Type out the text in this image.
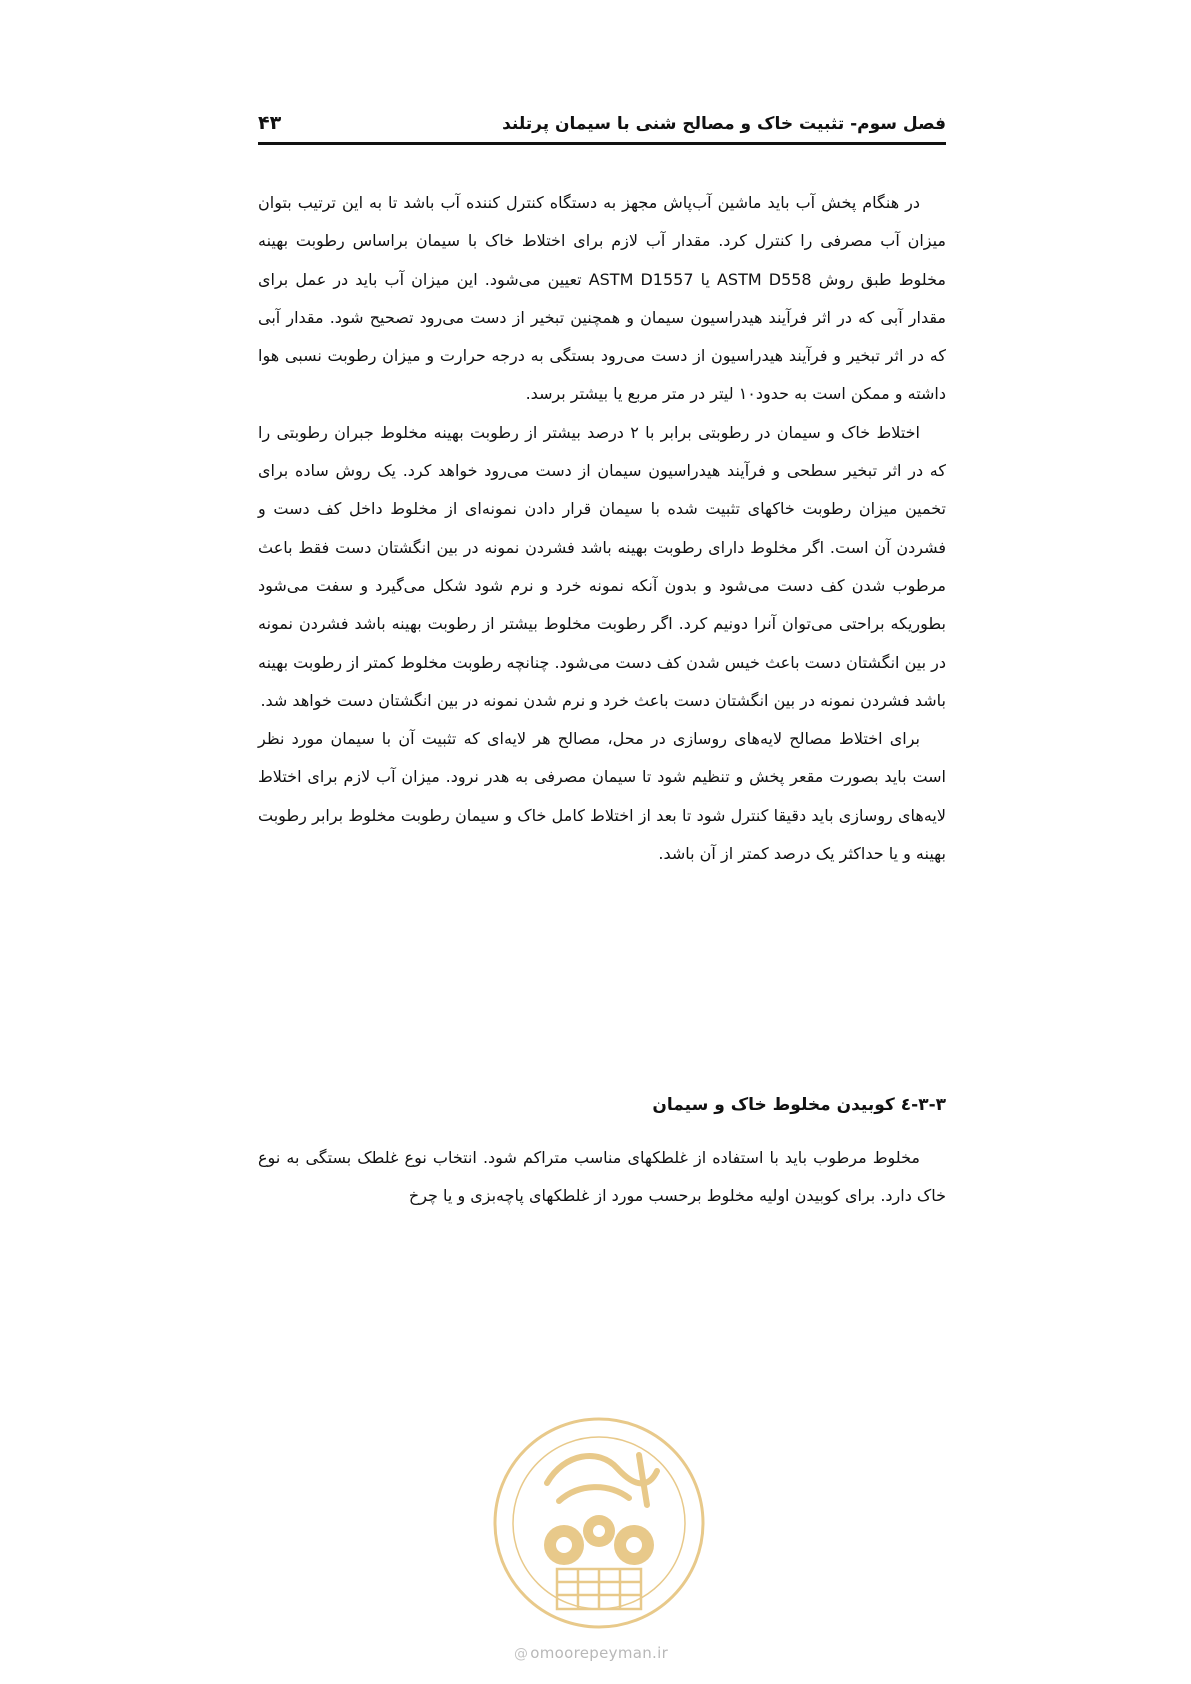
فصل سوم- تثبیت خاک و مصالح شنی با سیمان پرتلند
۴۳

در هنگام پخش آب باید ماشین آب‌پاش مجهز به دستگاه کنترل کننده آب باشد تا به این ترتیب بتوان میزان آب مصرفی را کنترل کرد. مقدار آب لازم برای اختلاط خاک با سیمان براساس رطوبت بهینه مخلوط طبق روش ASTM D558 یا ASTM D1557 تعیین می‌شود. این میزان آب باید در عمل برای مقدار آبی که در اثر فرآیند هیدراسیون سیمان و همچنین تبخیر از دست می‌رود تصحیح شود. مقدار آبی که در اثر تبخیر و فرآیند هیدراسیون از دست می‌رود بستگی به درجه حرارت و میزان رطوبت نسبی هوا داشته و ممکن است به حدود۱۰ لیتر در متر مربع یا بیشتر برسد.

اختلاط خاک و سیمان در رطوبتی برابر با ۲ درصد بیشتر از رطوبت بهینه مخلوط جبران رطوبتی را که در اثر تبخیر سطحی و فرآیند هیدراسیون سیمان از دست می‌رود خواهد کرد. یک روش ساده برای تخمین میزان رطوبت خاکهای تثبیت شده با سیمان قرار دادن نمونه‌ای از مخلوط داخل کف دست و فشردن آن است. اگر مخلوط دارای رطوبت بهینه باشد فشردن نمونه در بین انگشتان دست فقط باعث مرطوب شدن کف دست می‌شود و بدون آنکه نمونه خرد و نرم شود شکل می‌گیرد و سفت می‌شود بطوریکه براحتی می‌توان آنرا دونیم کرد. اگر رطوبت مخلوط بیشتر از رطوبت بهینه باشد فشردن نمونه در بین انگشتان دست باعث خیس شدن کف دست می‌شود. چنانچه رطوبت مخلوط کمتر از رطوبت بهینه باشد فشردن نمونه در بین انگشتان دست باعث خرد و نرم شدن نمونه در بین انگشتان دست خواهد شد.

برای اختلاط مصالح لایه‌های روسازی در محل، مصالح هر لایه‌ای که تثبیت آن با سیمان مورد نظر است باید بصورت مقعر پخش و تنظیم شود تا سیمان مصرفی به هدر نرود. میزان آب لازم برای اختلاط لایه‌های روسازی باید دقیقا کنترل شود تا بعد از اختلاط کامل خاک و سیمان رطوبت مخلوط برابر رطوبت بهینه و یا حداکثر یک درصد کمتر از آن باشد.

۳-۳-٤ کوبیدن مخلوط خاک و سیمان

مخلوط مرطوب باید با استفاده از غلطکهای مناسب متراکم شود. انتخاب نوع غلطک بستگی به نوع خاک دارد. برای کوبیدن اولیه مخلوط برحسب مورد از غلطکهای پاچه‌بزی و یا چرخ

@ omoorepeyman.ir
